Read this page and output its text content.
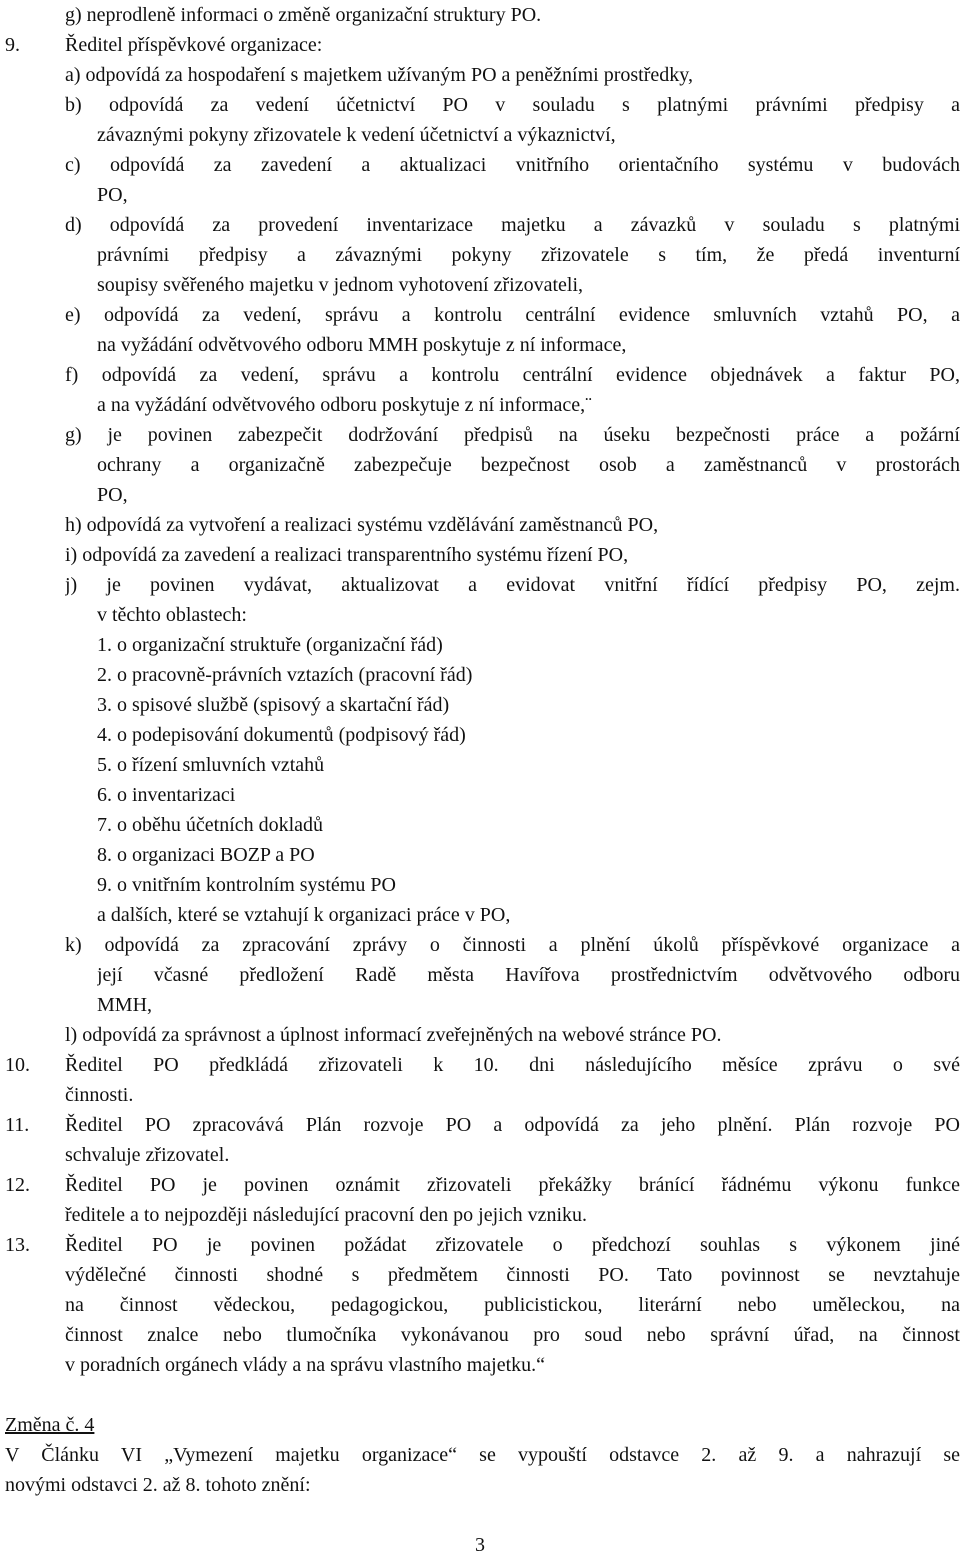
g) neprodleně informaci o změně organizační struktury PO.
Ředitel příspěvkové organizace:
9.
a) odpovídá za hospodaření s majetkem užívaným PO a peněžními prostředky,
b) odpovídá za vedení účetnictví PO v souladu s platnými právními předpisy a
závaznými pokyny zřizovatele k vedení účetnictví a výkaznictví,
c) odpovídá za zavedení a aktualizaci vnitřního orientačního systému v budovách
PO,
d) odpovídá za provedení inventarizace majetku a závazků v souladu s platnými
právními předpisy a závaznými pokyny zřizovatele s tím, že předá inventurní
soupisy svěřeného majetku v jednom vyhotovení zřizovateli,
e) odpovídá za vedení, správu a kontrolu centrální evidence smluvních vztahů PO, a
na vyžádání odvětvového odboru MMH poskytuje z ní informace,
f) odpovídá za vedení, správu a kontrolu centrální evidence objednávek a faktur PO,
a na vyžádání odvětvového odboru poskytuje z ní informace,¨
g) je povinen zabezpečit dodržování předpisů na úseku bezpečnosti práce a požární
ochrany a organizačně zabezpečuje bezpečnost osob a zaměstnanců v prostorách
PO,
h) odpovídá za vytvoření a realizaci systému vzdělávání zaměstnanců PO,
i) odpovídá za zavedení a realizaci transparentního systému řízení PO,
j) je povinen vydávat, aktualizovat a evidovat vnitřní řídící předpisy PO, zejm.
v těchto oblastech:
1. o organizační struktuře (organizační řád)
2. o pracovně-právních vztazích (pracovní řád)
3. o spisové službě (spisový a skartační řád)
4. o podepisování dokumentů (podpisový řád)
5. o řízení smluvních vztahů
6. o inventarizaci
7. o oběhu účetních dokladů
8. o organizaci BOZP a PO
9. o vnitřním kontrolním systému PO
a dalších, které se vztahují k organizaci práce v PO,
k) odpovídá za zpracování zprávy o činnosti a plnění úkolů příspěvkové organizace a
její včasné předložení Radě města Havířova prostřednictvím odvětvového odboru
MMH,
l) odpovídá za správnost a úplnost informací zveřejněných na webové stránce PO.
Ředitel PO předkládá zřizovateli k 10. dni následujícího měsíce zprávu o své
10.
činnosti.
Ředitel PO zpracovává Plán rozvoje PO a odpovídá za jeho plnění. Plán rozvoje PO
11.
schvaluje zřizovatel.
Ředitel PO je povinen oznámit zřizovateli překážky bránící řádnému výkonu funkce
12.
ředitele a to nejpozději následující pracovní den po jejich vzniku.
Ředitel PO je povinen požádat zřizovatele o předchozí souhlas s výkonem jiné
13.
výdělečné činnosti shodné s předmětem činnosti PO. Tato povinnost se nevztahuje
na činnost vědeckou, pedagogickou, publicistickou, literární nebo uměleckou, na
činnost znalce nebo tlumočníka vykonávanou pro soud nebo správní úřad, na činnost
v poradních orgánech vlády a na správu vlastního majetku.“
Změna č. 4
V Článku VI „Vymezení majetku organizace“ se vypouští odstavce 2. až 9. a nahrazují se
novými odstavci 2. až 8. tohoto znění:
3
